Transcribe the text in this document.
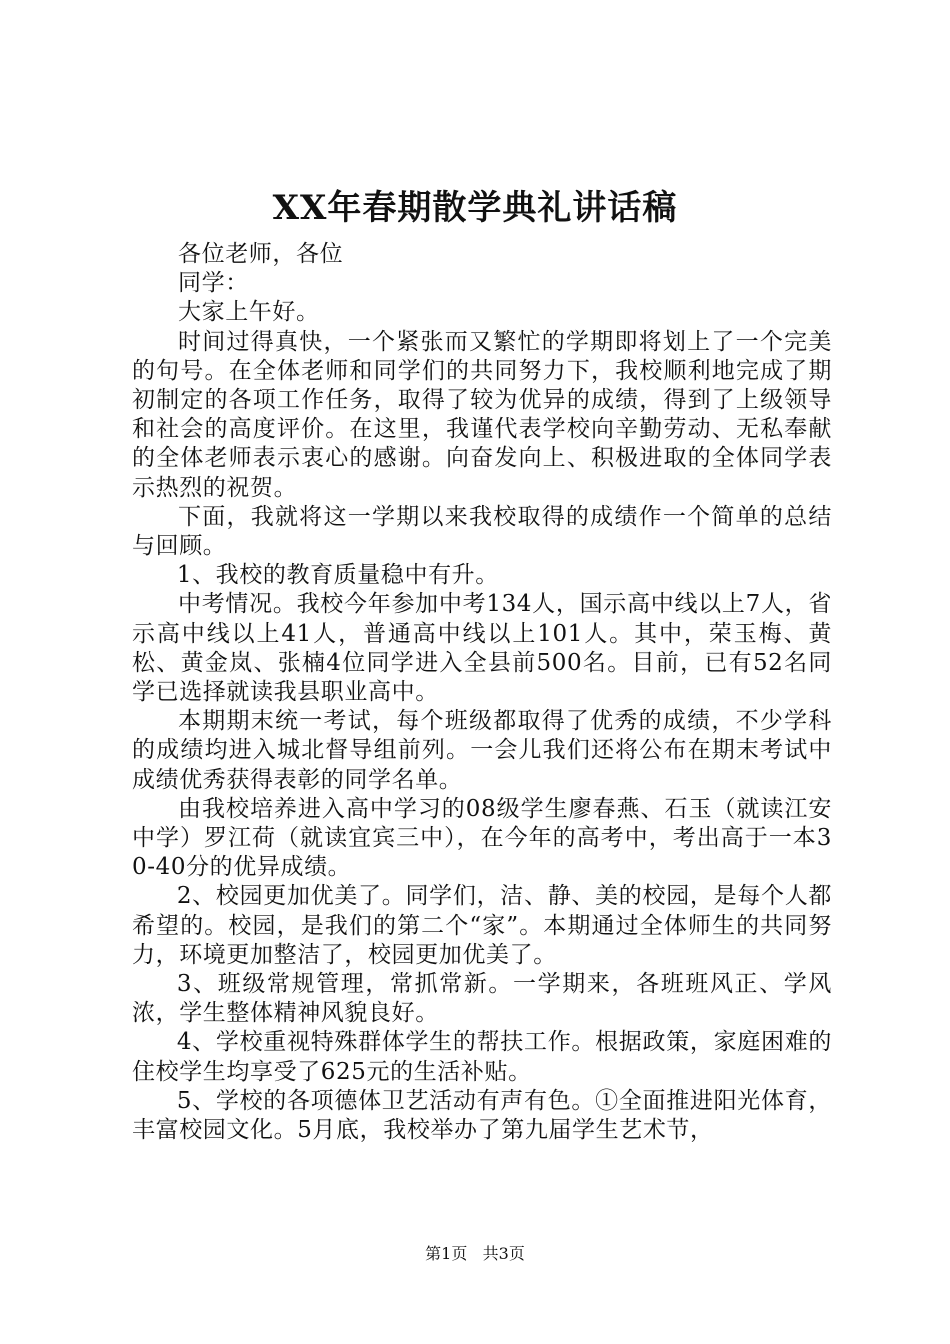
XX年春期散学典礼讲话稿

各位老师，各位

同学：

大家上午好。

时间过得真快，一个紧张而又繁忙的学期即将划上了一个完美的句号。在全体老师和同学们的共同努力下，我校顺利地完成了期初制定的各项工作任务，取得了较为优异的成绩，得到了上级领导和社会的高度评价。在这里，我谨代表学校向辛勤劳动、无私奉献的全体老师表示衷心的感谢。向奋发向上、积极进取的全体同学表示热烈的祝贺。

下面，我就将这一学期以来我校取得的成绩作一个简单的总结与回顾。

1、我校的教育质量稳中有升。

中考情况。我校今年参加中考134人，国示高中线以上7人，省示高中线以上41人，普通高中线以上101人。其中，荣玉梅、黄松、黄金岚、张楠4位同学进入全县前500名。目前，已有52名同学已选择就读我县职业高中。

本期期末统一考试，每个班级都取得了优秀的成绩，不少学科的成绩均进入城北督导组前列。一会儿我们还将公布在期末考试中成绩优秀获得表彰的同学名单。

由我校培养进入高中学习的08级学生廖春燕、石玉（就读江安中学）罗江荷（就读宜宾三中），在今年的高考中，考出高于一本30-40分的优异成绩。

2、校园更加优美了。同学们，洁、静、美的校园，是每个人都希望的。校园，是我们的第二个“家”。本期通过全体师生的共同努力，环境更加整洁了，校园更加优美了。

3、班级常规管理，常抓常新。一学期来，各班班风正、学风浓，学生整体精神风貌良好。

4、学校重视特殊群体学生的帮扶工作。根据政策，家庭困难的住校学生均享受了625元的生活补贴。

5、学校的各项德体卫艺活动有声有色。①全面推进阳光体育，丰富校园文化。5月底，我校举办了第九届学生艺术节，

第1页 共3页
